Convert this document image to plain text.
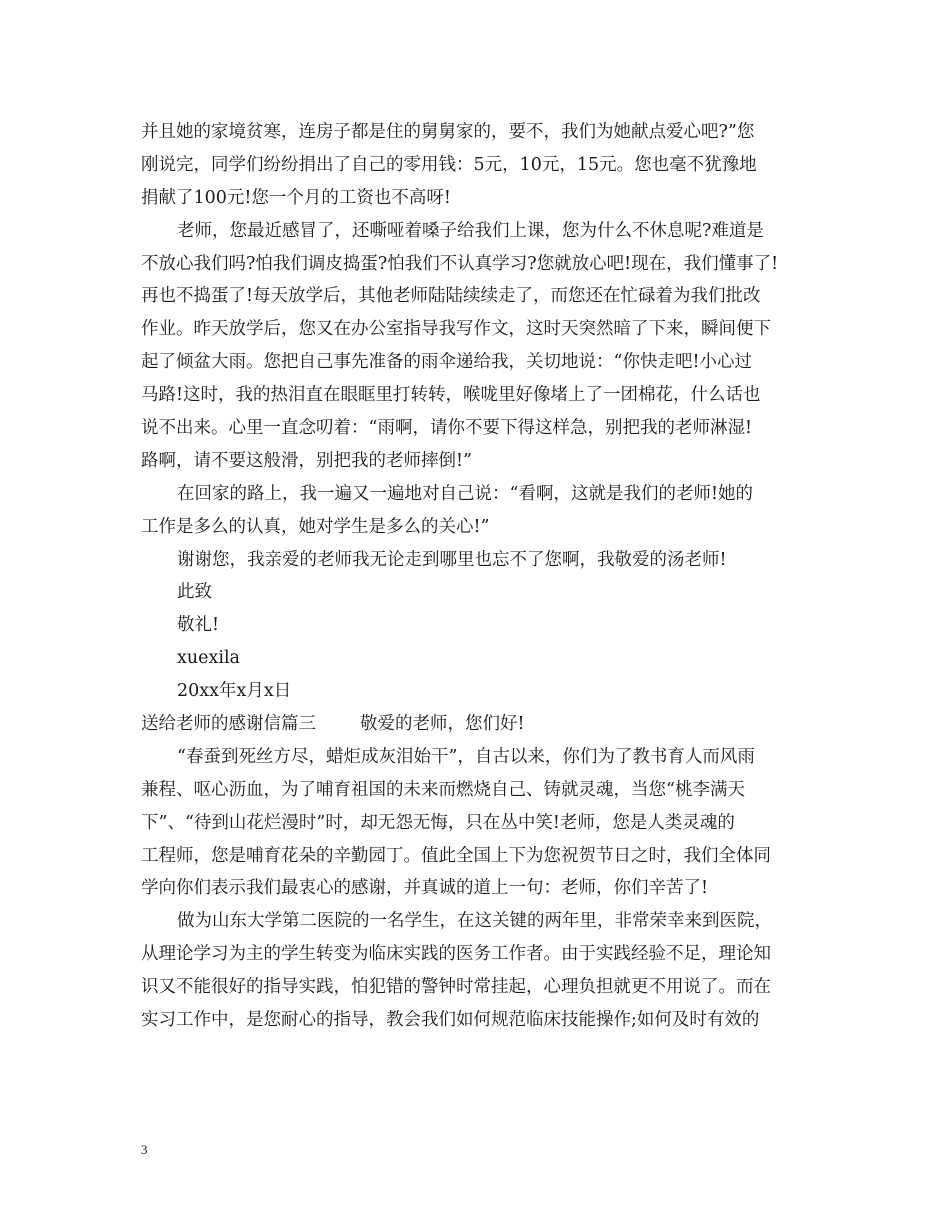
并且她的家境贫寒，连房子都是住的舅舅家的，要不，我们为她献点爱心吧?”您
刚说完，同学们纷纷捐出了自己的零用钱：5元，10元，15元。您也毫不犹豫地
捐献了100元!您一个月的工资也不高呀!
老师，您最近感冒了，还嘶哑着嗓子给我们上课，您为什么不休息呢?难道是
不放心我们吗?怕我们调皮捣蛋?怕我们不认真学习?您就放心吧!现在，我们懂事了!
再也不捣蛋了!每天放学后，其他老师陆陆续续走了，而您还在忙碌着为我们批改
作业。昨天放学后，您又在办公室指导我写作文，这时天突然暗了下来，瞬间便下
起了倾盆大雨。您把自己事先准备的雨伞递给我，关切地说：“你快走吧!小心过
马路!这时，我的热泪直在眼眶里打转转，喉咙里好像堵上了一团棉花，什么话也
说不出来。心里一直念叨着：“雨啊，请你不要下得这样急，别把我的老师淋湿!
路啊，请不要这般滑，别把我的老师摔倒!”
在回家的路上，我一遍又一遍地对自己说：“看啊，这就是我们的老师!她的
工作是多么的认真，她对学生是多么的关心!”
谢谢您，我亲爱的老师我无论走到哪里也忘不了您啊，我敬爱的汤老师!
此致
敬礼!
xuexila
20xx年x月x日
送给老师的感谢信篇三	敬爱的老师，您们好!
“春蚕到死丝方尽，蜡炬成灰泪始干”，自古以来，你们为了教书育人而风雨
兼程、呕心沥血，为了哺育祖国的未来而燃烧自己、铸就灵魂，当您“桃李满天
下”、“待到山花烂漫时”时，却无怨无悔，只在丛中笑!老师，您是人类灵魂的
工程师，您是哺育花朵的辛勤园丁。值此全国上下为您祝贺节日之时，我们全体同
学向你们表示我们最衷心的感谢，并真诚的道上一句：老师，你们辛苦了!
做为山东大学第二医院的一名学生，在这关键的两年里，非常荣幸来到医院，
从理论学习为主的学生转变为临床实践的医务工作者。由于实践经验不足，理论知
识又不能很好的指导实践，怕犯错的警钟时常挂起，心理负担就更不用说了。而在
实习工作中，是您耐心的指导，教会我们如何规范临床技能操作;如何及时有效的
3
